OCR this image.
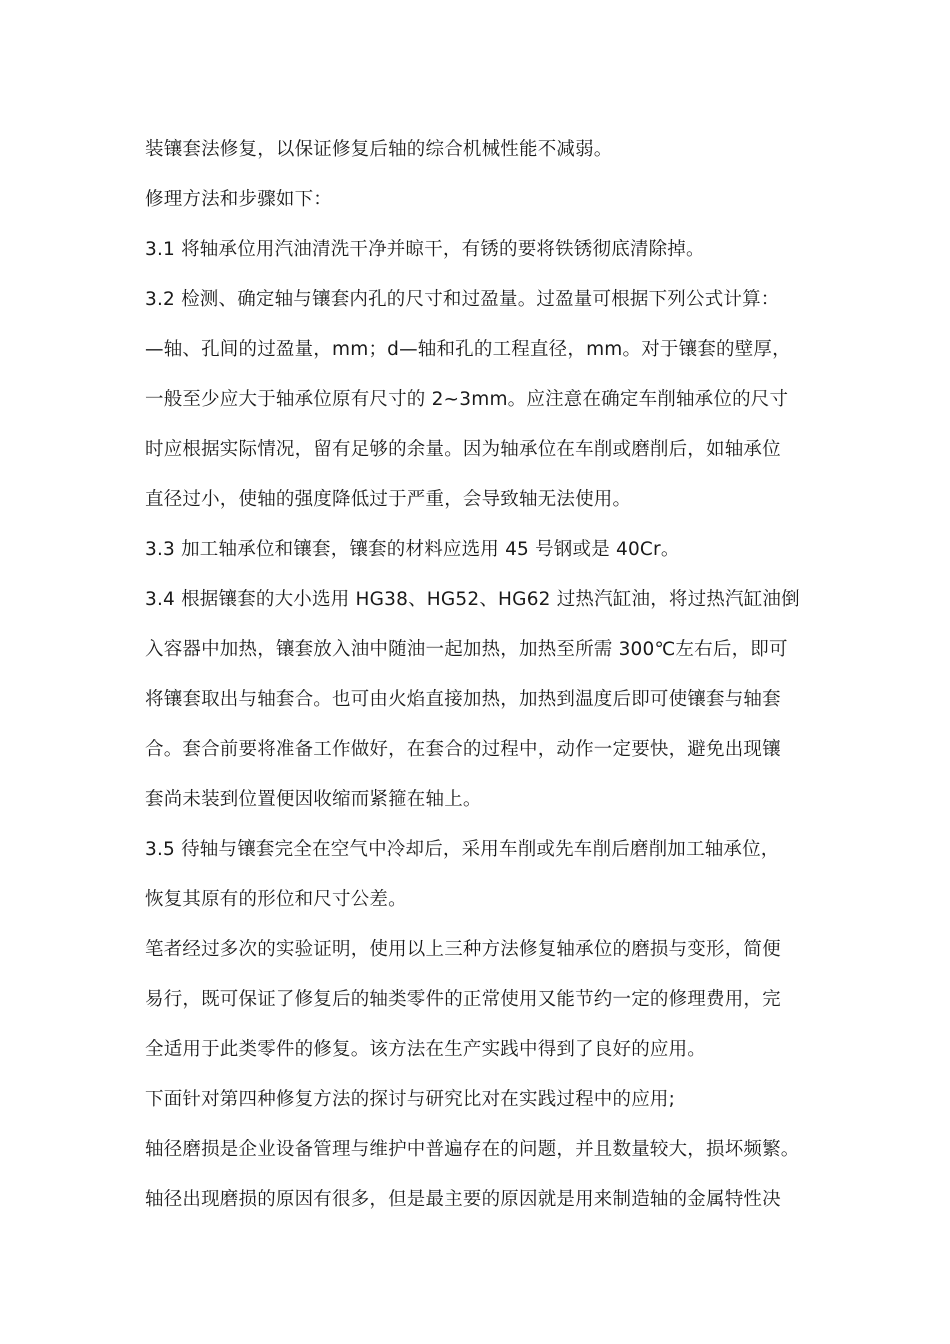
装镶套法修复，以保证修复后轴的综合机械性能不减弱。
修理方法和步骤如下：
3.1 将轴承位用汽油清洗干净并晾干，有锈的要将铁锈彻底清除掉。
3.2 检测、确定轴与镶套内孔的尺寸和过盈量。过盈量可根据下列公式计算：
—轴、孔间的过盈量，mm；d—轴和孔的工程直径，mm。对于镶套的壁厚，
一般至少应大于轴承位原有尺寸的 2~3mm。应注意在确定车削轴承位的尺寸
时应根据实际情况，留有足够的余量。因为轴承位在车削或磨削后，如轴承位
直径过小，使轴的强度降低过于严重，会导致轴无法使用。
3.3 加工轴承位和镶套，镶套的材料应选用 45 号钢或是 40Cr。
3.4 根据镶套的大小选用 HG38、HG52、HG62 过热汽缸油，将过热汽缸油倒
入容器中加热，镶套放入油中随油一起加热，加热至所需 300℃左右后，即可
将镶套取出与轴套合。也可由火焰直接加热，加热到温度后即可使镶套与轴套
合。套合前要将准备工作做好，在套合的过程中，动作一定要快，避免出现镶
套尚未装到位置便因收缩而紧箍在轴上。
3.5 待轴与镶套完全在空气中冷却后，采用车削或先车削后磨削加工轴承位，
恢复其原有的形位和尺寸公差。
笔者经过多次的实验证明，使用以上三种方法修复轴承位的磨损与变形，简便
易行，既可保证了修复后的轴类零件的正常使用又能节约一定的修理费用，完
全适用于此类零件的修复。该方法在生产实践中得到了良好的应用。
下面针对第四种修复方法的探讨与研究比对在实践过程中的应用;
轴径磨损是企业设备管理与维护中普遍存在的问题，并且数量较大，损坏频繁。
轴径出现磨损的原因有很多，但是最主要的原因就是用来制造轴的金属特性决
